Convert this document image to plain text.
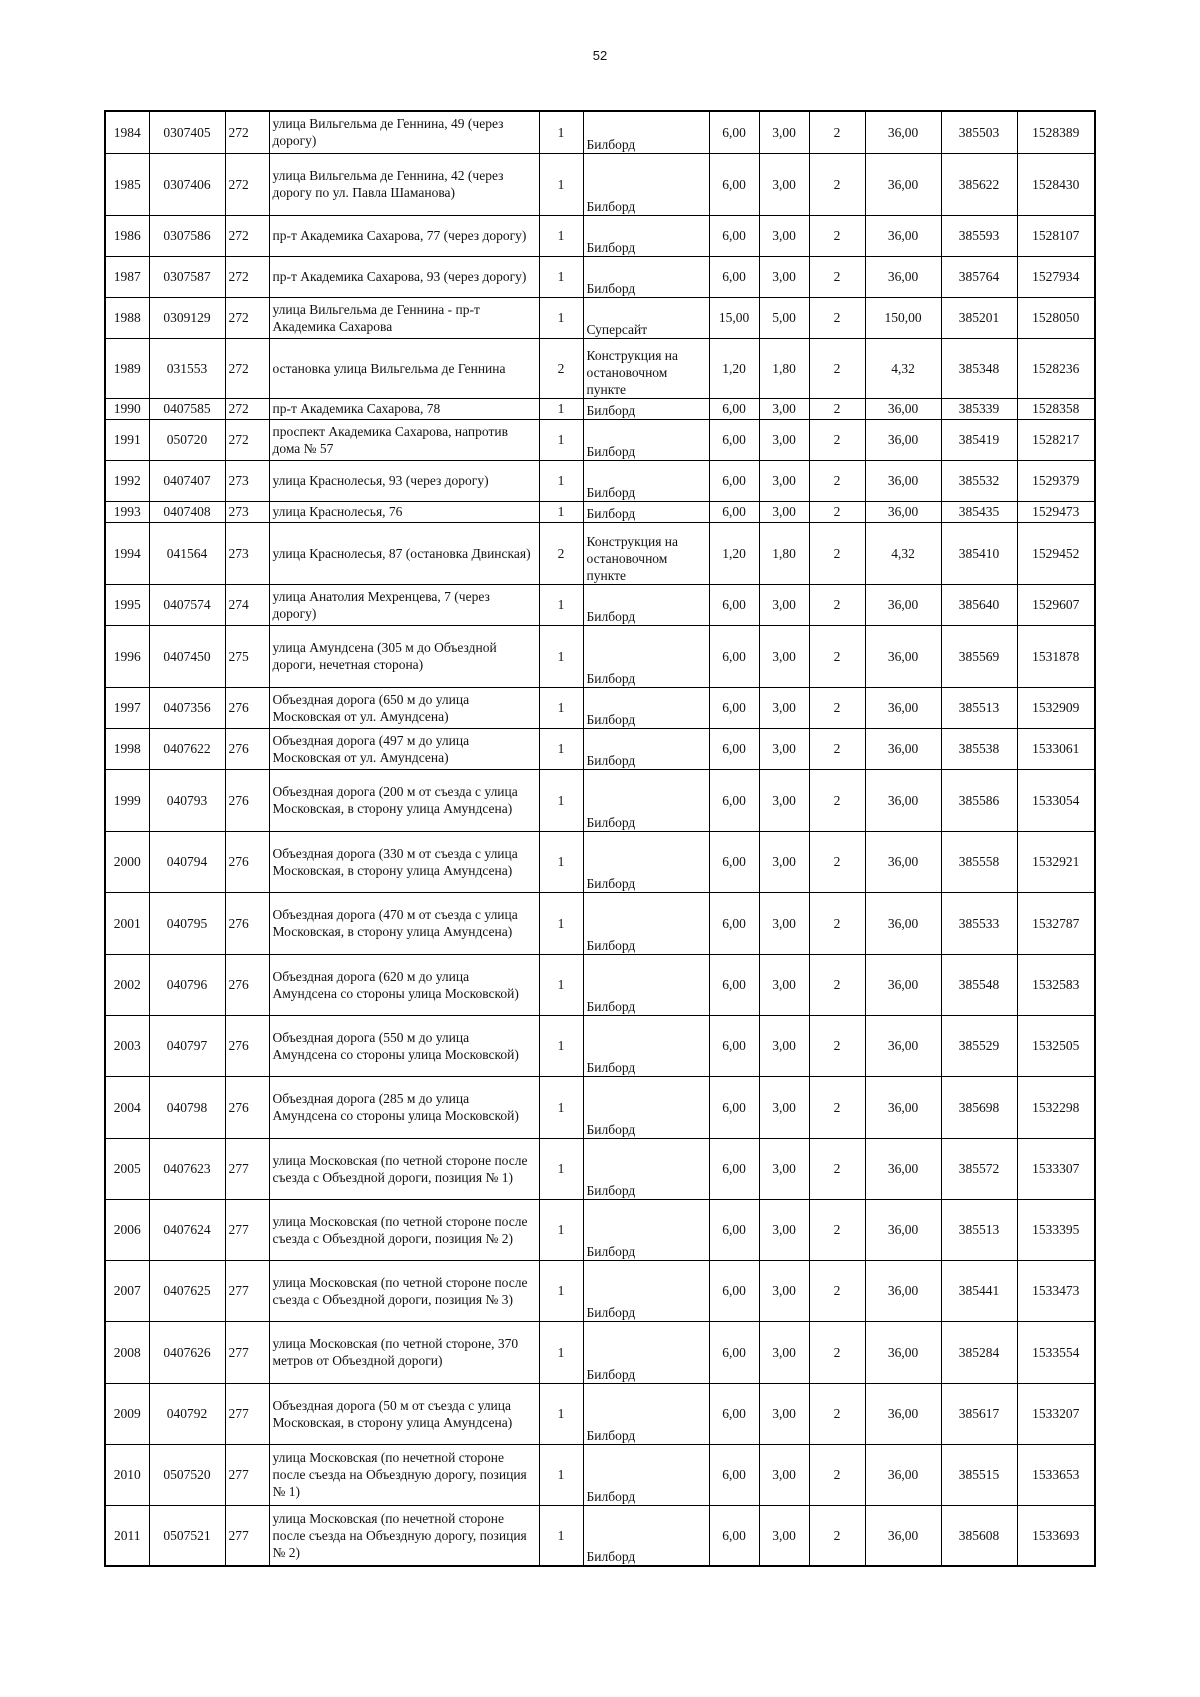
52
1984	0307405	272	улица Вильгельма де Геннина, 49 (через дорогу)	1	Билборд	6,00	3,00	2	36,00	385503	1528389
1985	0307406	272	улица Вильгельма де Геннина, 42 (через дорогу по ул. Павла Шаманова)	1	Билборд	6,00	3,00	2	36,00	385622	1528430
1986	0307586	272	пр-т Академика Сахарова, 77 (через дорогу)	1	Билборд	6,00	3,00	2	36,00	385593	1528107
1987	0307587	272	пр-т Академика Сахарова, 93 (через дорогу)	1	Билборд	6,00	3,00	2	36,00	385764	1527934
1988	0309129	272	улица Вильгельма де Геннина - пр-т Академика Сахарова	1	Суперсайт	15,00	5,00	2	150,00	385201	1528050
1989	031553	272	остановка улица Вильгельма де Геннина	2	Конструкция на остановочном пункте	1,20	1,80	2	4,32	385348	1528236
1990	0407585	272	пр-т Академика Сахарова, 78	1	Билборд	6,00	3,00	2	36,00	385339	1528358
1991	050720	272	проспект Академика Сахарова, напротив дома № 57	1	Билборд	6,00	3,00	2	36,00	385419	1528217
1992	0407407	273	улица Краснолесья, 93 (через дорогу)	1	Билборд	6,00	3,00	2	36,00	385532	1529379
1993	0407408	273	улица Краснолесья, 76	1	Билборд	6,00	3,00	2	36,00	385435	1529473
1994	041564	273	улица Краснолесья, 87 (остановка Двинская)	2	Конструкция на остановочном пункте	1,20	1,80	2	4,32	385410	1529452
1995	0407574	274	улица Анатолия Мехренцева, 7 (через дорогу)	1	Билборд	6,00	3,00	2	36,00	385640	1529607
1996	0407450	275	улица Амундсена (305 м до Объездной дороги, нечетная сторона)	1	Билборд	6,00	3,00	2	36,00	385569	1531878
1997	0407356	276	Объездная дорога (650 м до улица Московская от ул. Амундсена)	1	Билборд	6,00	3,00	2	36,00	385513	1532909
1998	0407622	276	Объездная дорога (497 м до улица Московская от ул. Амундсена)	1	Билборд	6,00	3,00	2	36,00	385538	1533061
1999	040793	276	Объездная дорога (200 м от съезда с улица Московская, в сторону улица Амундсена)	1	Билборд	6,00	3,00	2	36,00	385586	1533054
2000	040794	276	Объездная дорога (330 м от съезда с улица Московская, в сторону улица Амундсена)	1	Билборд	6,00	3,00	2	36,00	385558	1532921
2001	040795	276	Объездная дорога (470 м от съезда с улица Московская, в сторону улица Амундсена)	1	Билборд	6,00	3,00	2	36,00	385533	1532787
2002	040796	276	Объездная дорога (620 м до улица Амундсена со стороны улица Московской)	1	Билборд	6,00	3,00	2	36,00	385548	1532583
2003	040797	276	Объездная дорога (550 м до улица Амундсена со стороны улица Московской)	1	Билборд	6,00	3,00	2	36,00	385529	1532505
2004	040798	276	Объездная дорога (285 м до улица Амундсена со стороны улица Московской)	1	Билборд	6,00	3,00	2	36,00	385698	1532298
2005	0407623	277	улица Московская (по четной стороне после съезда с Объездной дороги, позиция № 1)	1	Билборд	6,00	3,00	2	36,00	385572	1533307
2006	0407624	277	улица Московская (по четной стороне после съезда с Объездной дороги, позиция № 2)	1	Билборд	6,00	3,00	2	36,00	385513	1533395
2007	0407625	277	улица Московская (по четной стороне после съезда с Объездной дороги, позиция № 3)	1	Билборд	6,00	3,00	2	36,00	385441	1533473
2008	0407626	277	улица Московская (по четной стороне, 370 метров от Объездной дороги)	1	Билборд	6,00	3,00	2	36,00	385284	1533554
2009	040792	277	Объездная дорога (50 м от съезда с улица Московская, в сторону улица Амундсена)	1	Билборд	6,00	3,00	2	36,00	385617	1533207
2010	0507520	277	улица Московская (по нечетной стороне после съезда на Объездную дорогу, позиция № 1)	1	Билборд	6,00	3,00	2	36,00	385515	1533653
2011	0507521	277	улица Московская (по нечетной стороне после съезда на Объездную дорогу, позиция № 2)	1	Билборд	6,00	3,00	2	36,00	385608	1533693
